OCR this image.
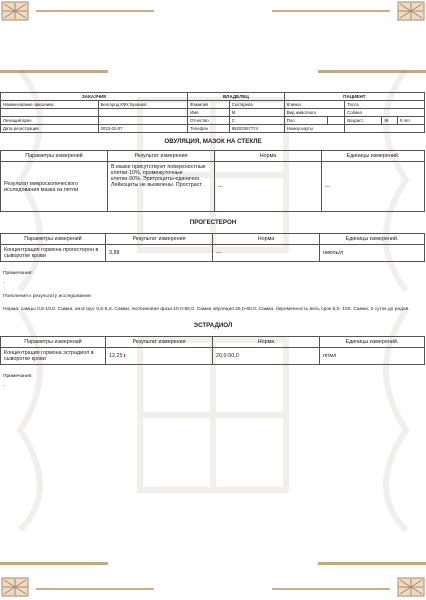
ЗАКАЗЧИК		ВЛАДЕЛЕЦ		ПАЦИЕНТ				
Наименование заказчика	Белгород КФХ Буханов	Фамилия	Скотарева	Кличка		Тесса		
		Имя	М	Вид животного		Собака		
Лечащий врач		Отчество	С	Пол		Возраст	Ж	9 лет
Дата регистрации	2023-02-07	Телефон	89202067774	Номер карты				

ОВУЛЯЦИЯ, МАЗОК НА СТЕКЛЕ

Параметры измерений	Результат измерения	Норма	Единицы измерений.
Результат микроскопического исследования мазка из петли	В мазке присутствуют поверхностные клетки-10%, промежуточные клетки-90%. Эритроциты-единично. Лейкоциты не выявлены. Простраст.	---	---

ПРОГЕСТЕРОН

Параметры измерений	Результат измерения	Норма	Единицы измерений.
Концентрация гормона прогестерон в сыворотке крови	3,88	---	нмоль/л
Примечания:
-
Пояснения к результату исследования:
Норма: самцы 0,5-10,0. Самки, анэструс 0,5-6,0. Самки, лютеиновая фаза 10,0-80,0. Самки овуляция 25,0-60,0. Самки, беременность весь срок 6,0- 150. Самки, 2 суток до родов.

ЭСТРАДИОЛ

Параметры измерений	Результат измерения	Норма	Единицы измерений.
Концентрация гормона эстрадиол в сыворотке крови	12,25⬇	20,0-50,0	пг/мл
Примечания:
-
